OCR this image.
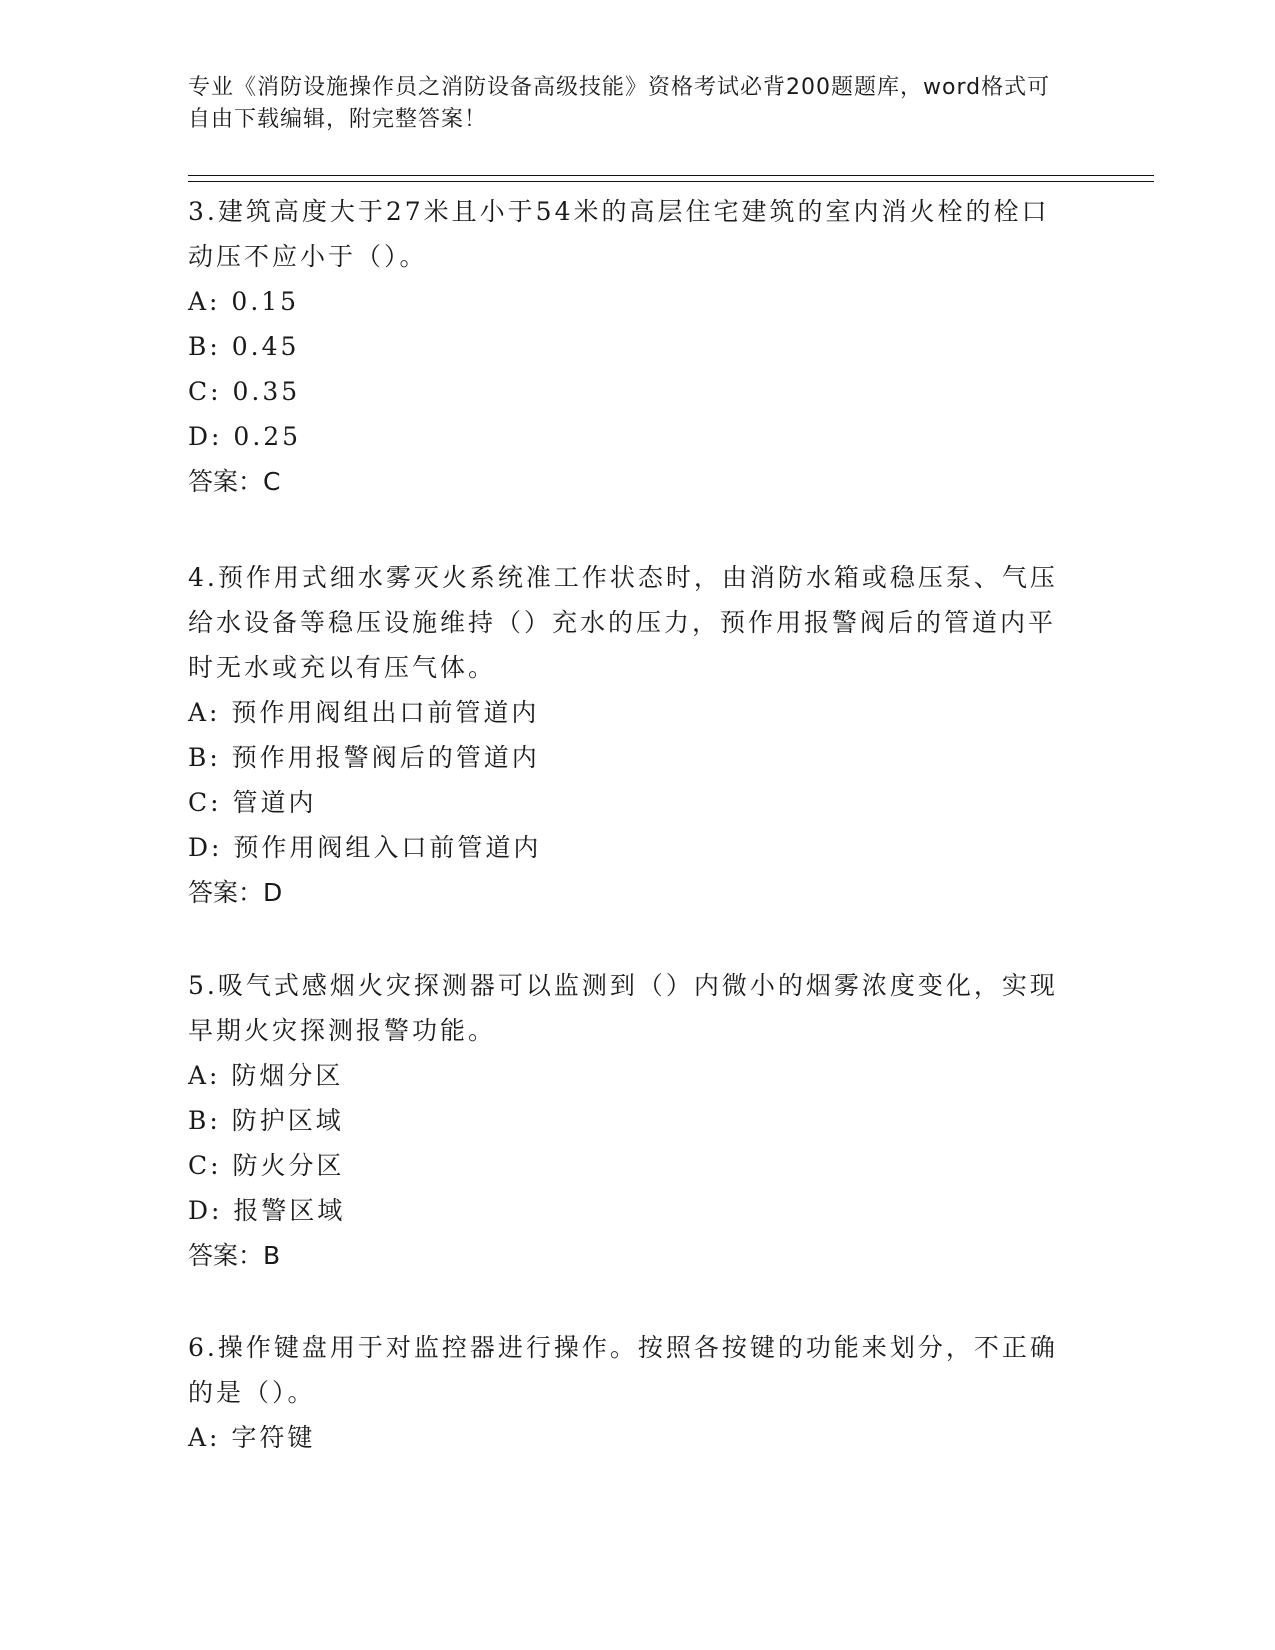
专业《消防设施操作员之消防设备高级技能》资格考试必背200题题库，word格式可自由下载编辑，附完整答案！

3.建筑高度大于27米且小于54米的高层住宅建筑的室内消火栓的栓口动压不应小于（）。

A: 0.15

B: 0.45

C: 0.35

D: 0.25

答案：C

4.预作用式细水雾灭火系统准工作状态时，由消防水箱或稳压泵、气压给水设备等稳压设施维持（）充水的压力，预作用报警阀后的管道内平时无水或充以有压气体。

A: 预作用阀组出口前管道内

B: 预作用报警阀后的管道内

C: 管道内

D: 预作用阀组入口前管道内

答案：D

5.吸气式感烟火灾探测器可以监测到（）内微小的烟雾浓度变化，实现早期火灾探测报警功能。

A: 防烟分区

B: 防护区域

C: 防火分区

D: 报警区域

答案：B

6.操作键盘用于对监控器进行操作。按照各按键的功能来划分，不正确的是（）。

A: 字符键
